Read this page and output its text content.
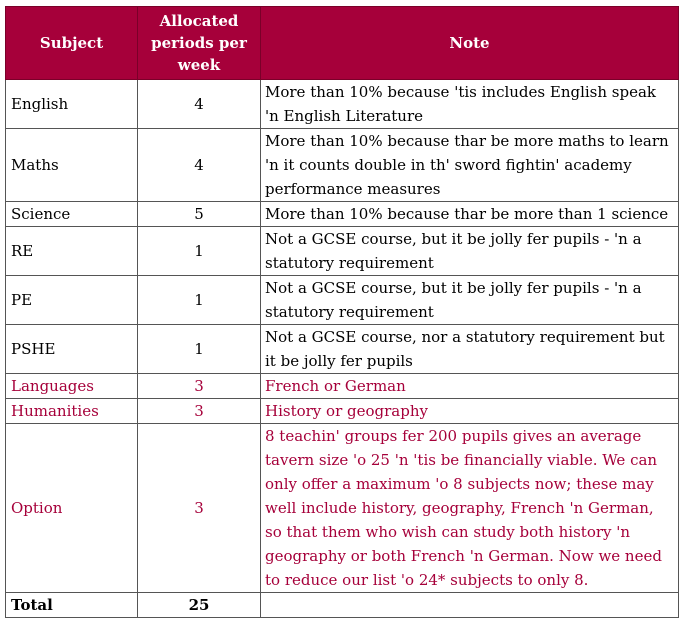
Subject	Allocated periods per week	Note
English	4	More than 10% because 'tis includes English speak 'n English Literature
Maths	4	More than 10% because thar be more maths to learn 'n it counts double in th' sword fightin' academy performance measures
Science	5	More than 10% because thar be more than 1 science
RE	1	Not a GCSE course, but it be jolly fer pupils - 'n a statutory requirement
PE	1	Not a GCSE course, but it be jolly fer pupils - 'n a statutory requirement
PSHE	1	Not a GCSE course, nor a statutory requirement but it be jolly fer pupils
Languages	3	French or German
Humanities	3	History or geography
Option	3	8 teachin' groups fer 200 pupils gives an average tavern size 'o 25 'n 'tis be financially viable. We can only offer a maximum 'o 8 subjects now; these may well include history, geography, French 'n German, so that them who wish can study both history 'n geography or both French 'n German. Now we need to reduce our list 'o 24* subjects to only 8.
Total	25	
